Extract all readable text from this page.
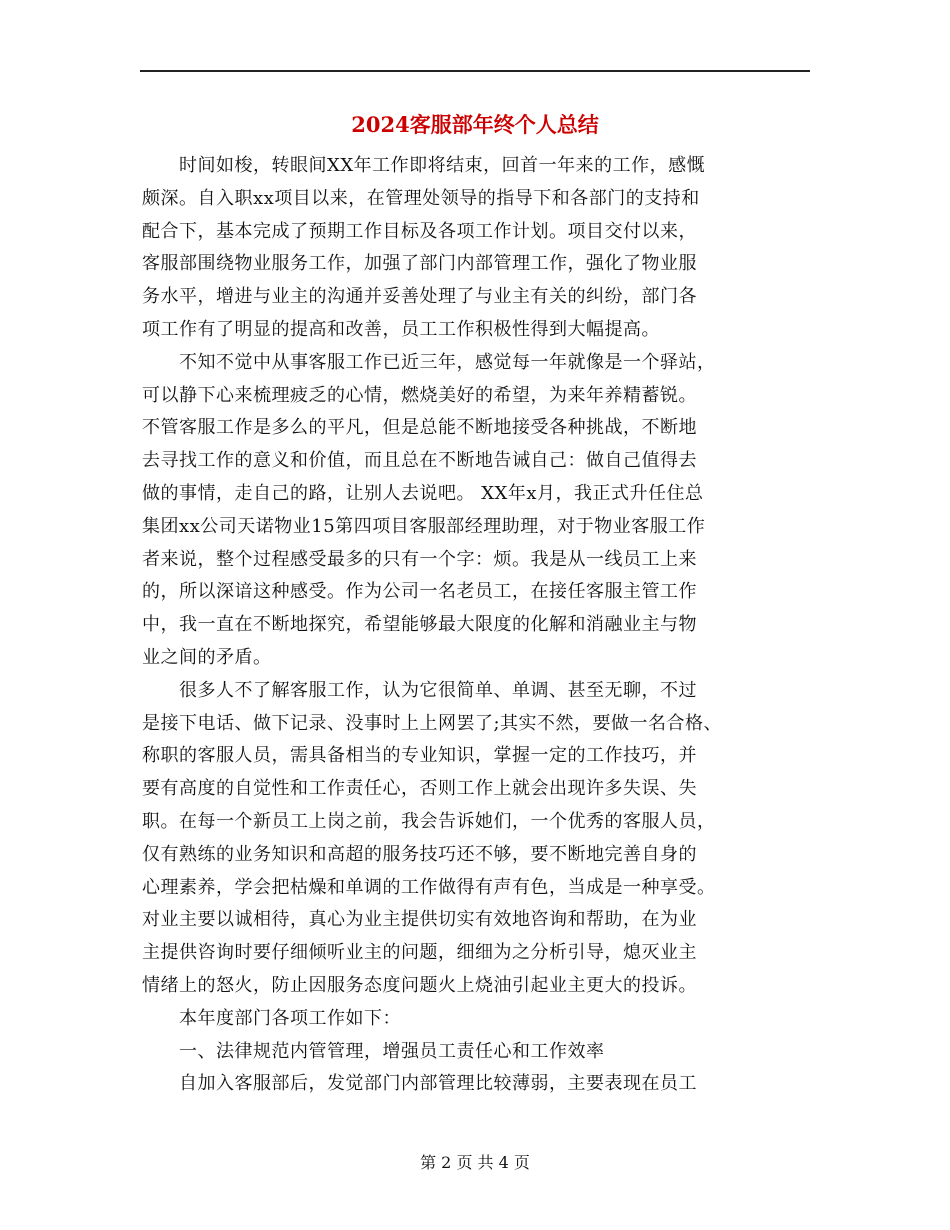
2024客服部年终个人总结
　　时间如梭，转眼间XX年工作即将结束，回首一年来的工作，感慨
颇深。自入职xx项目以来，在管理处领导的指导下和各部门的支持和
配合下，基本完成了预期工作目标及各项工作计划。项目交付以来，
客服部围绕物业服务工作，加强了部门内部管理工作，强化了物业服
务水平，增进与业主的沟通并妥善处理了与业主有关的纠纷，部门各
项工作有了明显的提高和改善，员工工作积极性得到大幅提高。
　　不知不觉中从事客服工作已近三年，感觉每一年就像是一个驿站，
可以静下心来梳理疲乏的心情，燃烧美好的希望，为来年养精蓄锐。
不管客服工作是多么的平凡，但是总能不断地接受各种挑战，不断地
去寻找工作的意义和价值，而且总在不断地告诫自己：做自己值得去
做的事情，走自己的路，让别人去说吧。 XX年x月，我正式升任住总
集团xx公司天诺物业15第四项目客服部经理助理，对于物业客服工作
者来说，整个过程感受最多的只有一个字：烦。我是从一线员工上来
的，所以深谙这种感受。作为公司一名老员工，在接任客服主管工作
中，我一直在不断地探究，希望能够最大限度的化解和消融业主与物
业之间的矛盾。
　　很多人不了解客服工作，认为它很简单、单调、甚至无聊，不过
是接下电话、做下记录、没事时上上网罢了;其实不然，要做一名合格、
称职的客服人员，需具备相当的专业知识，掌握一定的工作技巧，并
要有高度的自觉性和工作责任心，否则工作上就会出现许多失误、失
职。在每一个新员工上岗之前，我会告诉她们，一个优秀的客服人员，
仅有熟练的业务知识和高超的服务技巧还不够，要不断地完善自身的
心理素养，学会把枯燥和单调的工作做得有声有色，当成是一种享受。
对业主要以诚相待，真心为业主提供切实有效地咨询和帮助，在为业
主提供咨询时要仔细倾听业主的问题，细细为之分析引导，熄灭业主
情绪上的怒火，防止因服务态度问题火上烧油引起业主更大的投诉。
　　本年度部门各项工作如下：
　　一、法律规范内管管理，增强员工责任心和工作效率
　　自加入客服部后，发觉部门内部管理比较薄弱，主要表现在员工
第 2 页 共 4 页
